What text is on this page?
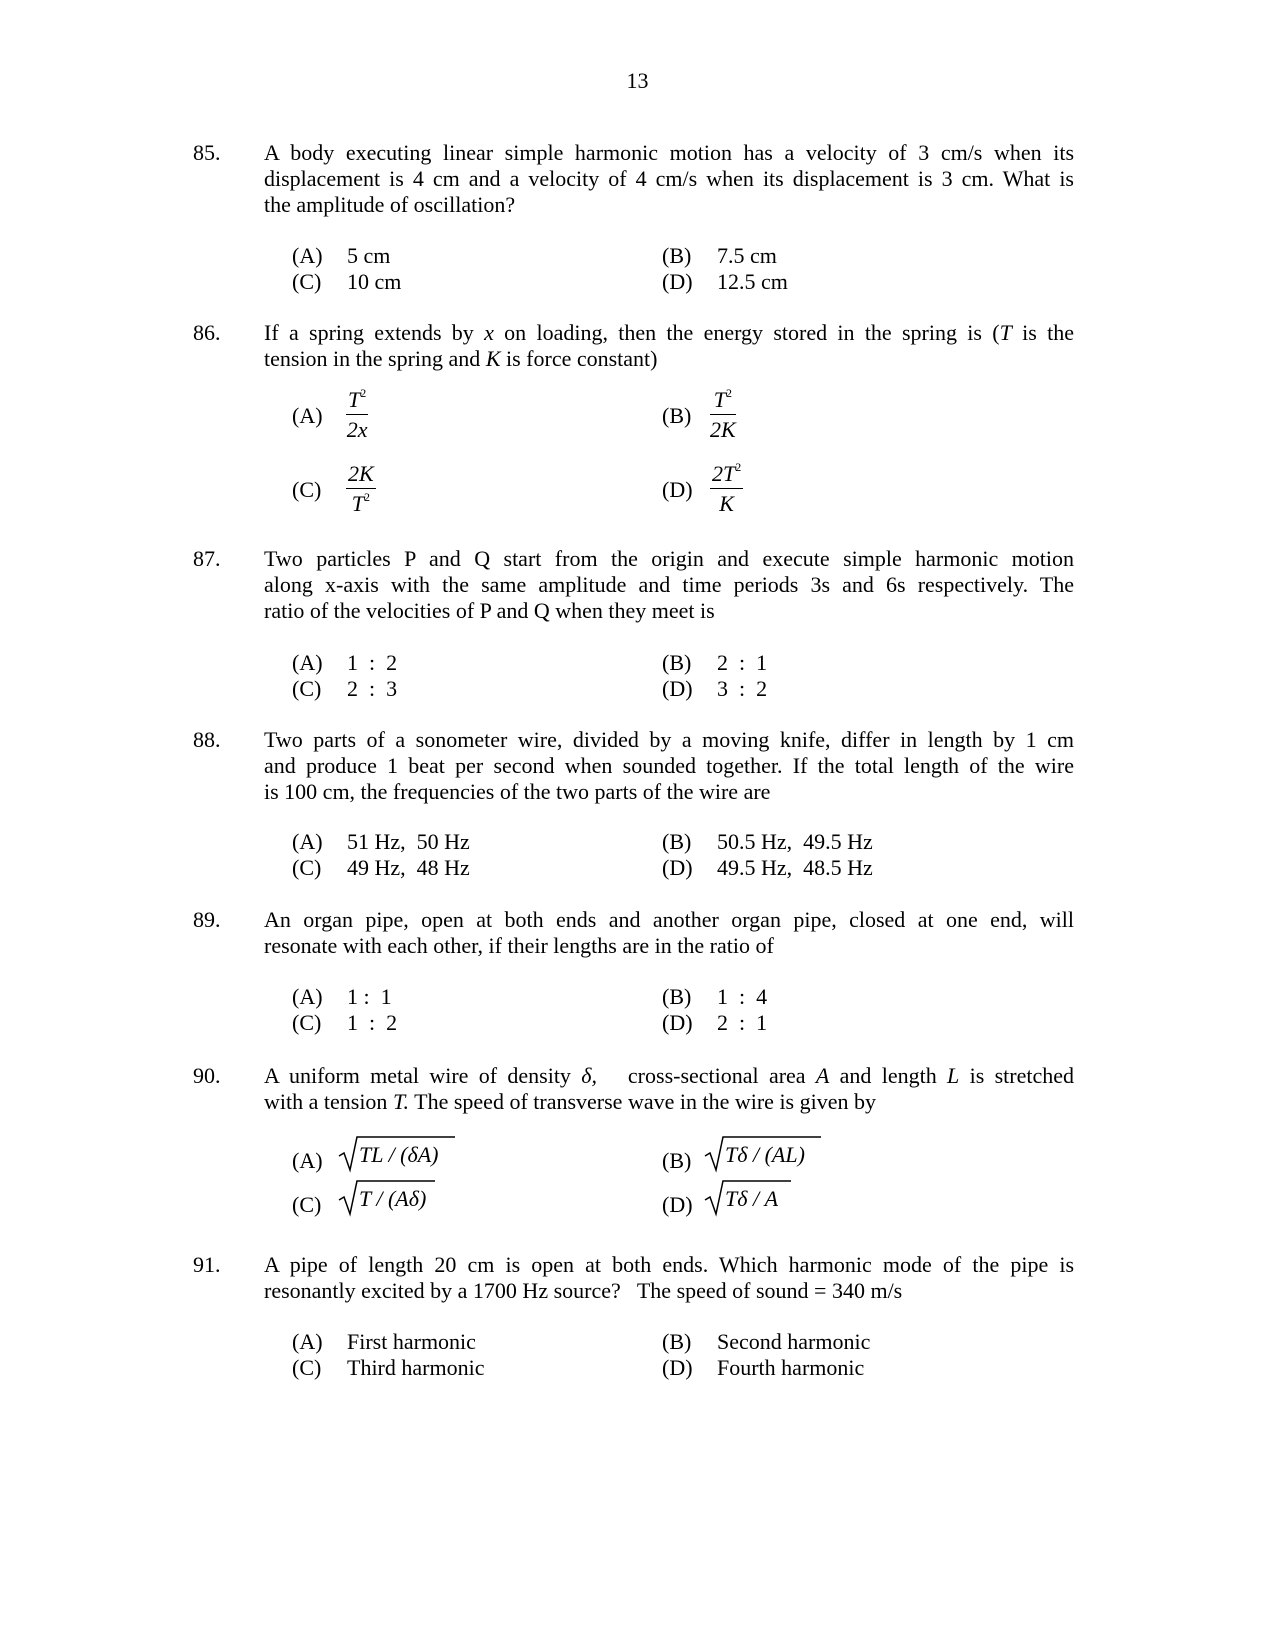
13
85. A body executing linear simple harmonic motion has a velocity of 3 cm/s when its
displacement is 4 cm and a velocity of 4 cm/s when its displacement is 3 cm. What is
the amplitude of oscillation?
(A) 5 cm	(B) 7.5 cm
(C) 10 cm	(D) 12.5 cm
86. If a spring extends by x on loading, then the energy stored in the spring is (T is the
tension in the spring and K is force constant)
$(A) \frac{T^2}{2x}$	$(B) \frac{T^2}{2K}$
$(C) \frac{2K}{T^2}$	$(D) \frac{2T^2}{K}$
87. Two particles P and Q start from the origin and execute simple harmonic motion
along x-axis with the same amplitude and time periods 3s and 6s respectively. The
ratio of the velocities of P and Q when they meet is
(A) 1  :  2	(B) 2  :  1
(C) 2  :  3	(D) 3  :  2
88. Two parts of a sonometer wire, divided by a moving knife, differ in length by 1 cm
and produce 1 beat per second when sounded together. If the total length of the wire
is 100 cm, the frequencies of the two parts of the wire are
(A) 51 Hz,  50 Hz	(B) 50.5 Hz,  49.5 Hz
(C) 49 Hz,  48 Hz	(D) 49.5 Hz,  48.5 Hz
89. An organ pipe, open at both ends and another organ pipe, closed at one end, will
resonate with each other, if their lengths are in the ratio of
(A) 1 :  1	(B) 1  :  4
(C) 1  :  2	(D) 2  :  1
90. A uniform metal wire of density δ,   cross-sectional area A and length L is stretched
with a tension T. The speed of transverse wave in the wire is given by
(A) TL / (δA)	(B) Tδ / (AL)
(C) T / (Aδ)	(D) Tδ / A
91. A pipe of length 20 cm is open at both ends. Which harmonic mode of the pipe is
resonantly excited by a 1700 Hz source?   The speed of sound = 340 m/s
(A) First harmonic	(B) Second harmonic
(C) Third harmonic	(D) Fourth harmonic
